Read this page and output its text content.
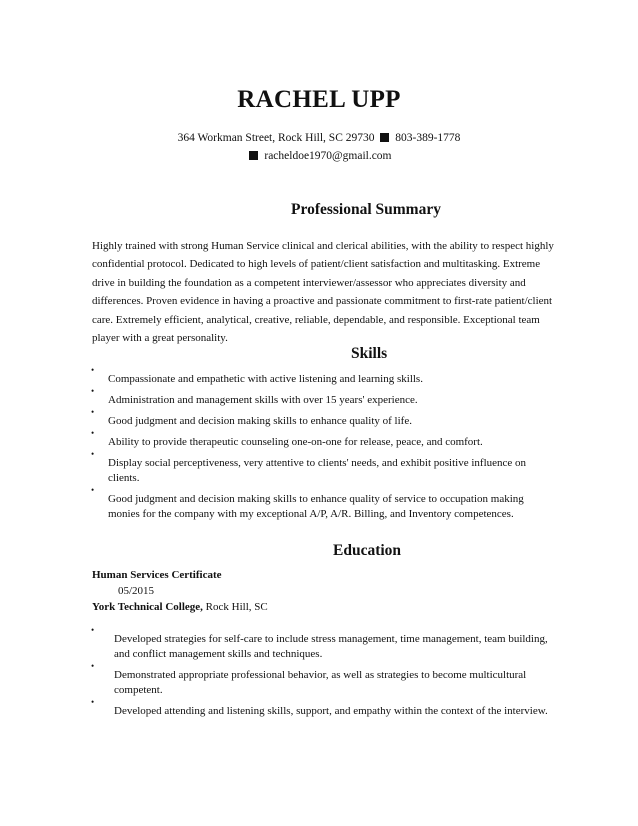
RACHEL UPP
364 Workman Street, Rock Hill, SC 29730 803-389-1778
racheldoe1970@gmail.com
Professional Summary
Highly trained with strong Human Service clinical and clerical abilities, with the ability to respect highly confidential protocol. Dedicated to high levels of patient/client satisfaction and multitasking. Extreme drive in building the foundation as a competent interviewer/assessor who appreciates diversity and differences. Proven evidence in having a proactive and passionate commitment to first-rate patient/client care. Extremely efficient, analytical, creative, reliable, dependable, and responsible. Exceptional team player with a great personality.
Skills
•
Compassionate and empathetic with active listening and learning skills.
•
Administration and management skills with over 15 years' experience.
•
Good judgment and decision making skills to enhance quality of life.
•
Ability to provide therapeutic counseling one-on-one for release, peace, and comfort.
•
Display social perceptiveness, very attentive to clients' needs, and exhibit positive influence on clients.
•
Good judgment and decision making skills to enhance quality of service to occupation making monies for the company with my exceptional A/P, A/R. Billing, and Inventory competences.
Education
Human Services Certificate
05/2015
York Technical College, Rock Hill, SC
•
Developed strategies for self-care to include stress management, time management, team building, and conflict management skills and techniques.
•
Demonstrated appropriate professional behavior, as well as strategies to become multicultural competent.
•
Developed attending and listening skills, support, and empathy within the context of the interview.
